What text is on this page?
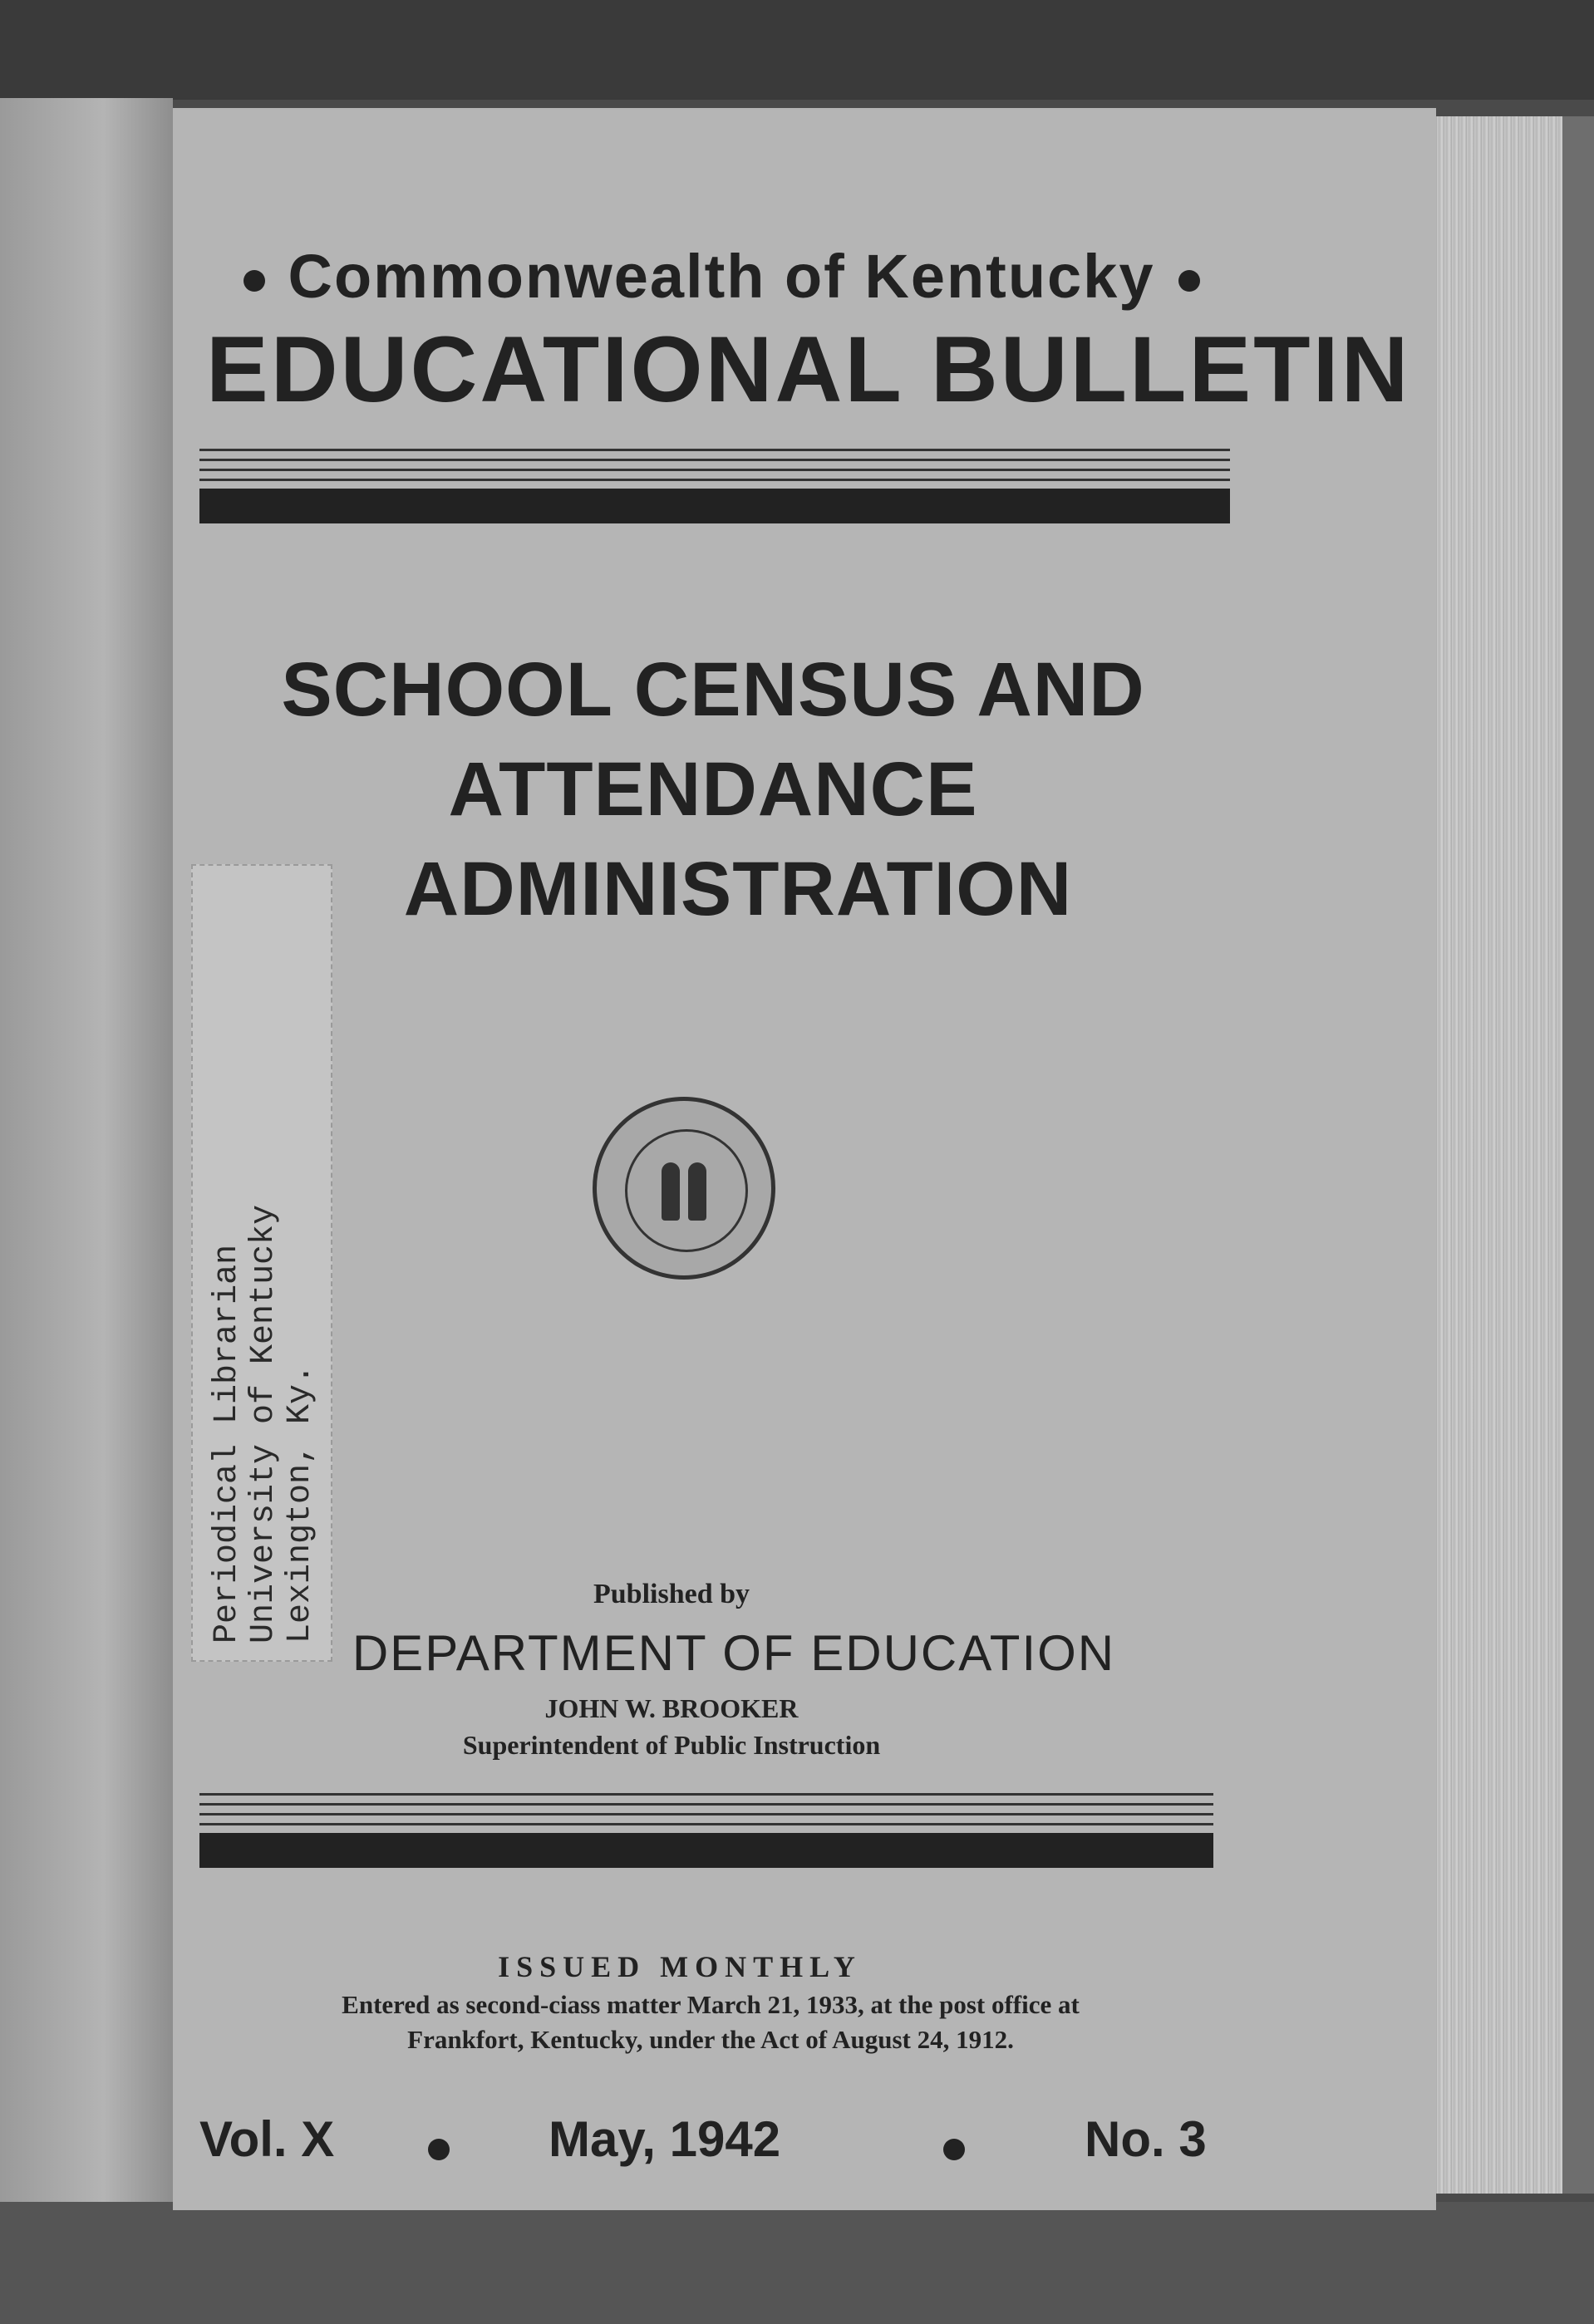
Commonwealth of Kentucky
EDUCATIONAL BULLETIN
SCHOOL CENSUS AND
ATTENDANCE
ADMINISTRATION
Periodical Librarian
University of Kentucky
Lexington, Ky.	Published by
DEPARTMENT OF EDUCATION
JOHN W. BROOKER
Superintendent of Public Instruction
ISSUED MONTHLY
Entered as second-ciass matter March 21, 1933, at the post office at
Frankfort, Kentucky, under the Act of August 24, 1912.
Vol. X	May, 1942	No. 3
